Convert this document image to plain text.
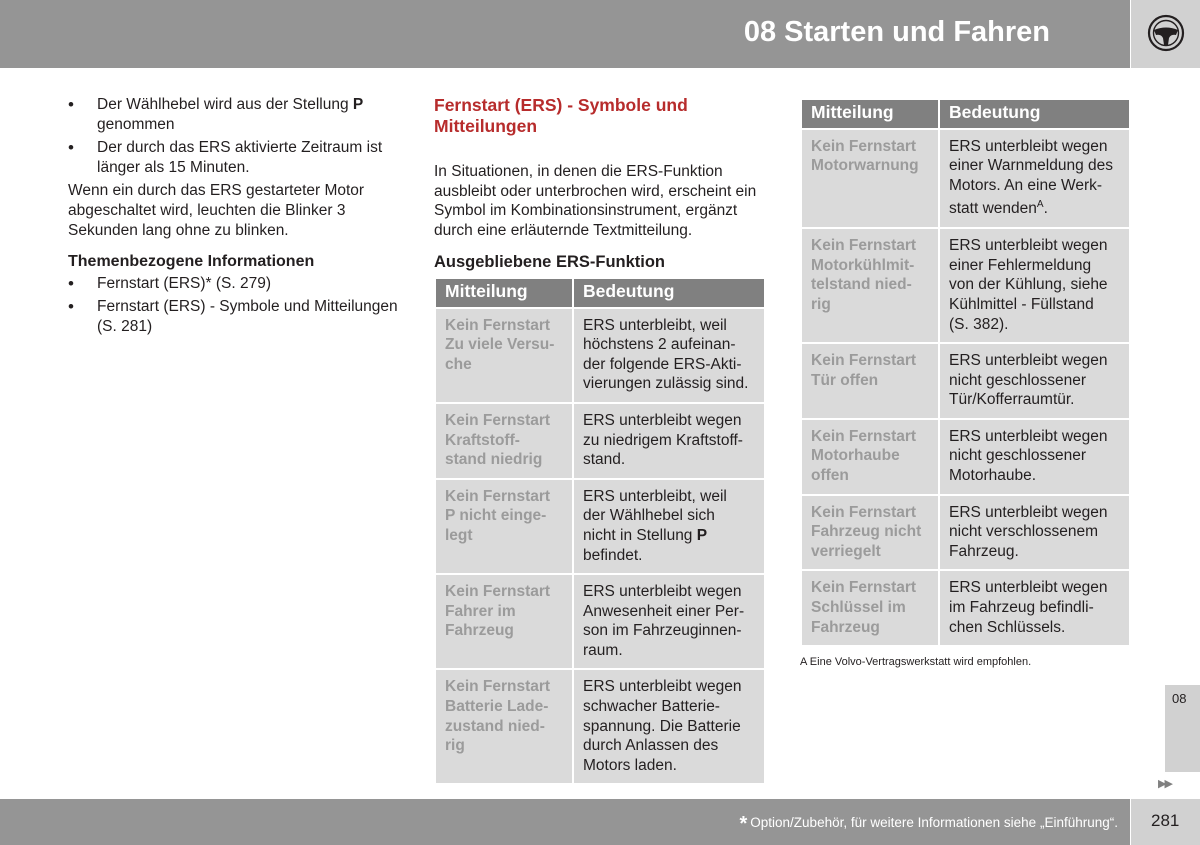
08 Starten und Fahren
• Der Wählhebel wird aus der Stellung P
genommen
• Der durch das ERS aktivierte Zeitraum ist länger als 15 Minuten.
Wenn ein durch das ERS gestarteter Motor abgeschaltet wird, leuchten die Blinker 3 Sekunden lang ohne zu blinken.
Themenbezogene Informationen
• Fernstart (ERS)* (S. 279)
• Fernstart (ERS) - Symbole und Mitteilungen (S. 281)
Fernstart (ERS) - Symbole und Mitteilungen
In Situationen, in denen die ERS-Funktion ausbleibt oder unterbrochen wird, erscheint ein Symbol im Kombinationsinstrument, ergänzt durch eine erläuternde Textmitteilung.
Ausgebliebene ERS-Funktion
Mitteilung	Bedeutung
Kein Fernstart
Zu viele Versu-
che	ERS unterbleibt, weil
höchstens 2 aufeinan-
der folgende ERS-Akti-
vierungen zulässig sind.
Kein Fernstart
Kraftstoff-
stand niedrig	ERS unterbleibt wegen
zu niedrigem Kraftstoff-
stand.
Kein Fernstart
P nicht einge-
legt	ERS unterbleibt, weil
der Wählhebel sich
nicht in Stellung P
befindet.
Kein Fernstart
Fahrer im
Fahrzeug	ERS unterbleibt wegen
Anwesenheit einer Per-
son im Fahrzeuginnen-
raum.
Kein Fernstart
Batterie Lade-
zustand nied-
rig	ERS unterbleibt wegen
schwacher Batterie-
spannung. Die Batterie
durch Anlassen des
Motors laden.
Mitteilung	Bedeutung
Kein Fernstart
Motorwarnung	ERS unterbleibt wegen
einer Warnmeldung des
Motors. An eine Werk-
statt wenden$^A$.
Kein Fernstart
Motorkühlmit-
telstand nied-
rig	ERS unterbleibt wegen
einer Fehlermeldung
von der Kühlung, siehe
Kühlmittel - Füllstand
(S. 382).
Kein Fernstart
Tür offen	ERS unterbleibt wegen
nicht geschlossener
Tür/Kofferraumtür.
Kein Fernstart
Motorhaube
offen	ERS unterbleibt wegen
nicht geschlossener
Motorhaube.
Kein Fernstart
Fahrzeug nicht
verriegelt	ERS unterbleibt wegen
nicht verschlossenem
Fahrzeug.
Kein Fernstart
Schlüssel im
Fahrzeug	ERS unterbleibt wegen
im Fahrzeug befindli-
chen Schlüssels.
A Eine Volvo-Vertragswerkstatt wird empfohlen.
08
▶▶
* Option/Zubehör, für weitere Informationen siehe „Einführung“. 281
